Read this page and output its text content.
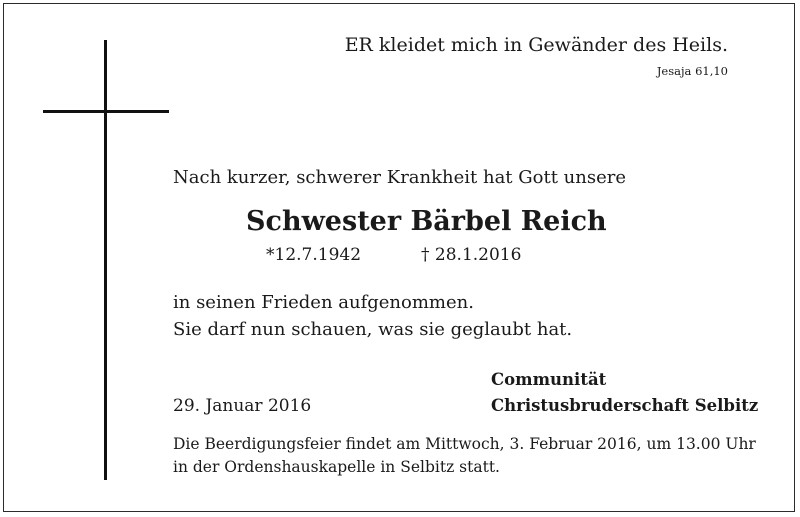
ER kleidet mich in Gewänder des Heils.
Jesaja 61,10
Nach kurzer, schwerer Krankheit hat Gott unsere
Schwester Bärbel Reich
*12.7.1942	† 28.1.2016
in seinen Frieden aufgenommen.
Sie darf nun schauen, was sie geglaubt hat.
Communität
Christusbruderschaft Selbitz
29. Januar 2016
Die Beerdigungsfeier findet am Mittwoch, 3. Februar 2016, um 13.00 Uhr
in der Ordenshauskapelle in Selbitz statt.
